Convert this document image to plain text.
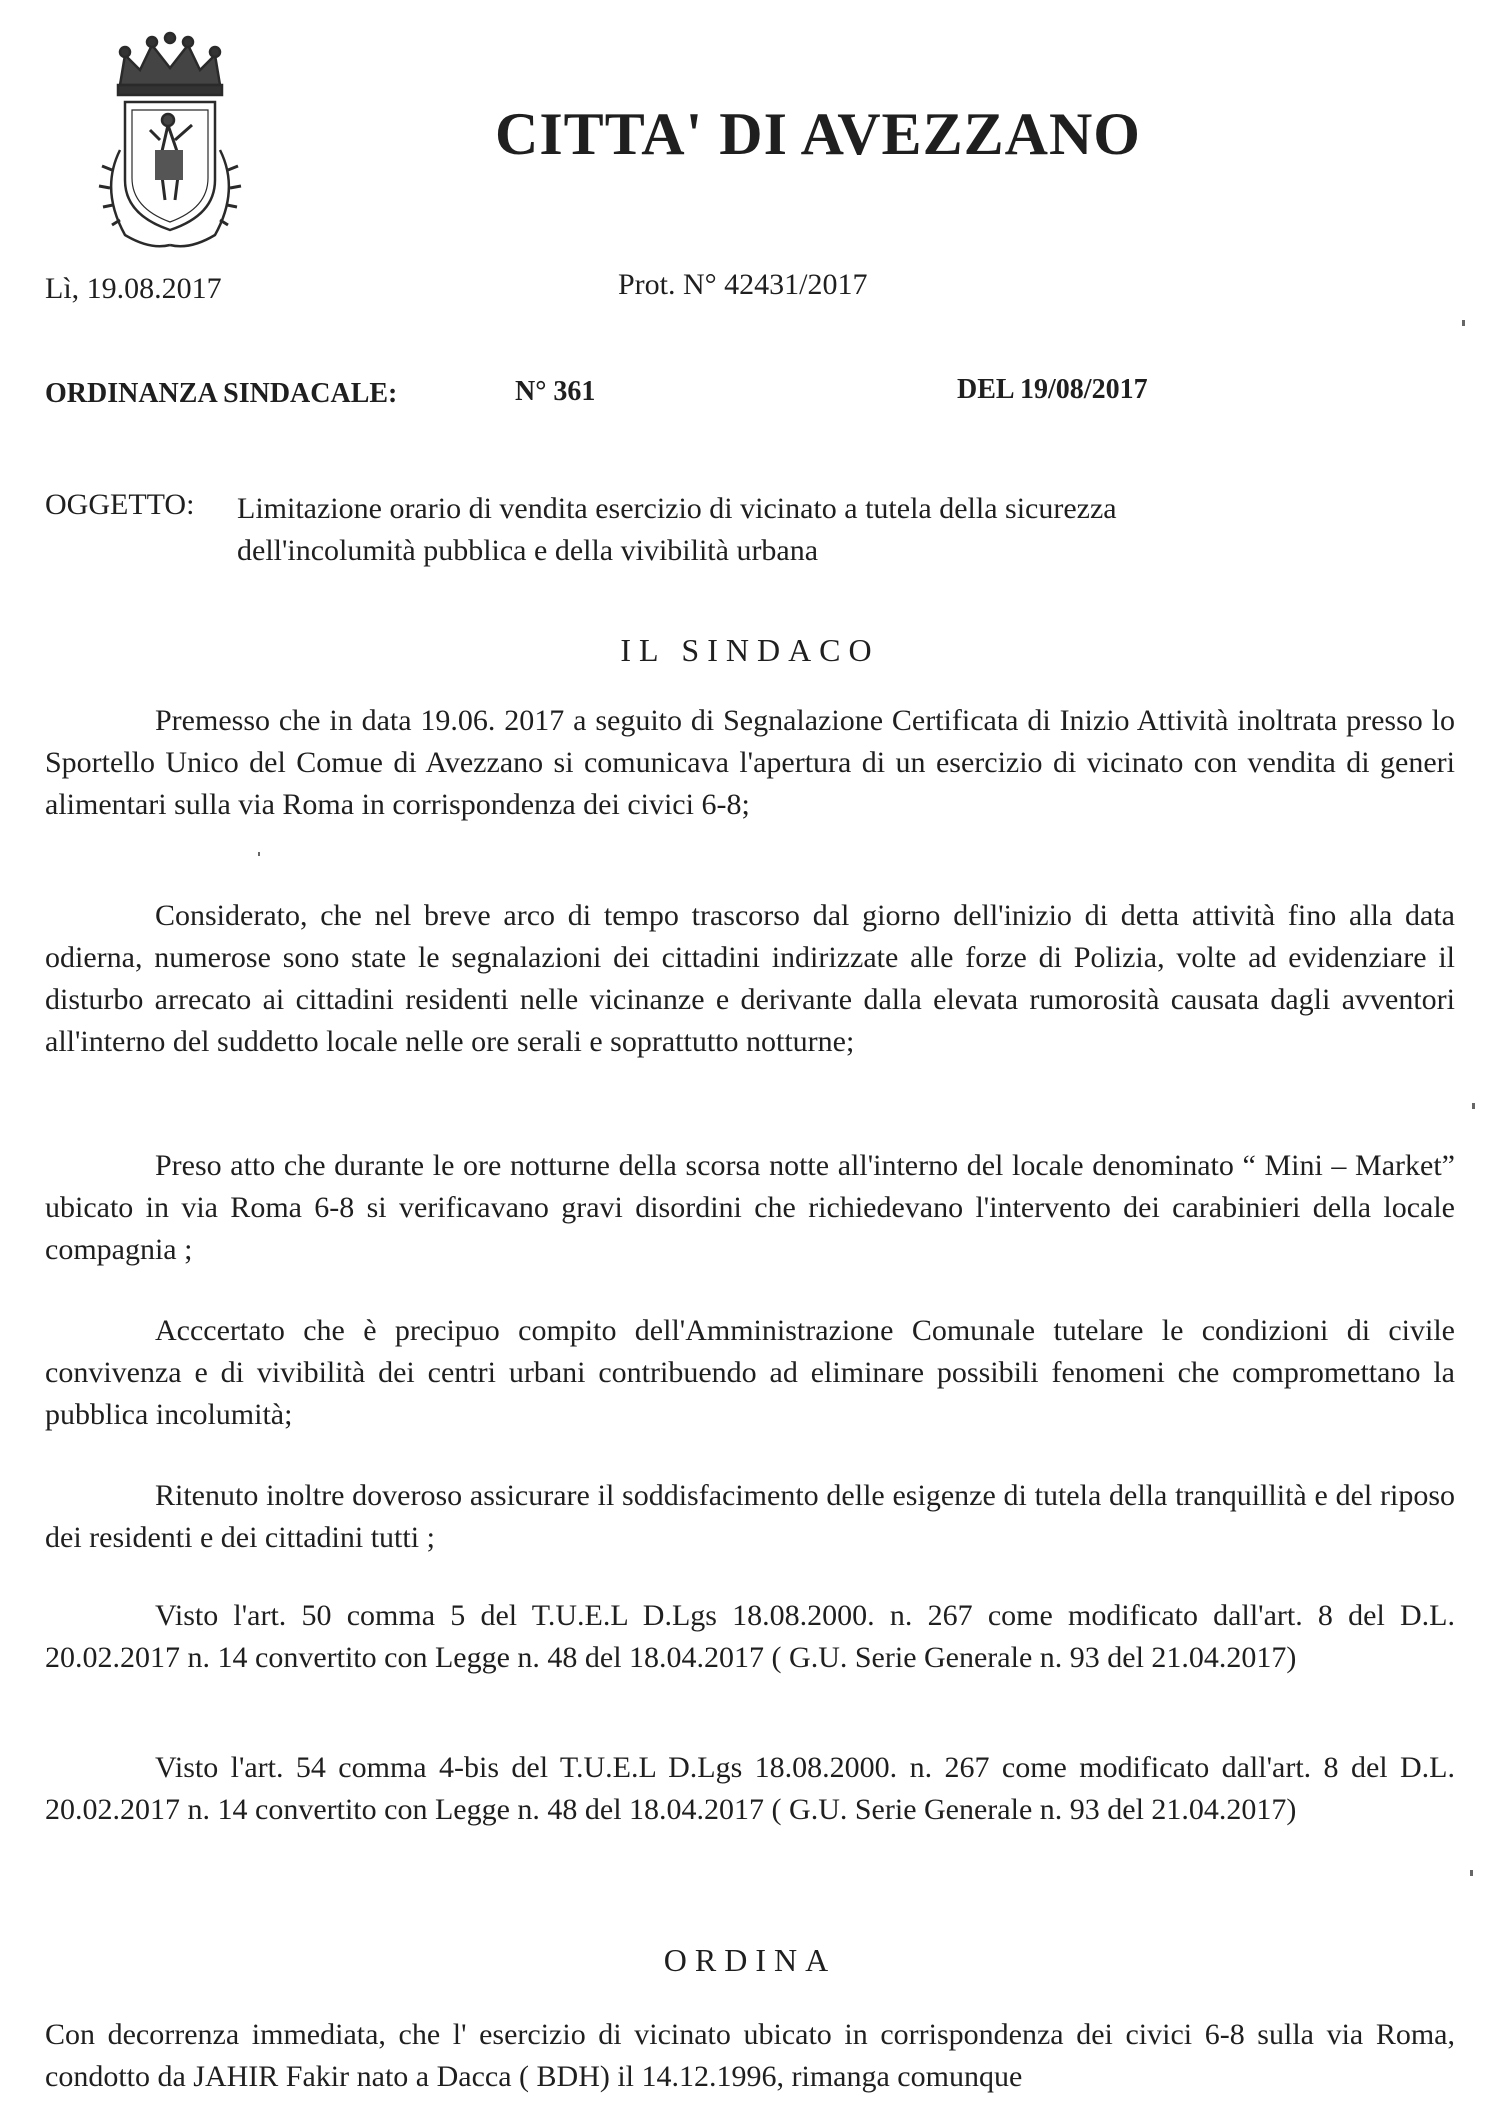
CITTA' DI AVEZZANO
Lì, 19.08.2017	Prot. N° 42431/2017
ORDINANZA SINDACALE:	N° 361	DEL 19/08/2017
OGGETTO: Limitazione orario di vendita esercizio di vicinato a tutela della sicurezza dell'incolumità pubblica e della vivibilità urbana
IL SINDACO

Premesso che in data 19.06. 2017 a seguito di Segnalazione Certificata di Inizio Attività inoltrata presso lo Sportello Unico del Comue di Avezzano si comunicava l'apertura di un esercizio di vicinato con vendita di generi alimentari sulla via Roma in corrispondenza dei civici 6-8;

Considerato, che nel breve arco di tempo trascorso dal giorno dell'inizio di detta attività fino alla data odierna, numerose sono state le segnalazioni dei cittadini indirizzate alle forze di Polizia, volte ad evidenziare il disturbo arrecato ai cittadini residenti nelle vicinanze e derivante dalla elevata rumorosità causata dagli avventori all'interno del suddetto locale nelle ore serali e soprattutto notturne;

Preso atto che durante le ore notturne della scorsa notte all'interno del locale denominato “ Mini – Market” ubicato in via Roma 6-8 si verificavano gravi disordini che richiedevano l'intervento dei carabinieri della locale compagnia ;

Acccertato che è precipuo compito dell'Amministrazione Comunale tutelare le condizioni di civile convivenza e di vivibilità dei centri urbani contribuendo ad eliminare possibili fenomeni che compromettano la pubblica incolumità;

Ritenuto inoltre doveroso assicurare il soddisfacimento delle esigenze di tutela della tranquillità e del riposo dei residenti e dei cittadini tutti ;

Visto l'art. 50 comma 5 del T.U.E.L D.Lgs 18.08.2000. n. 267 come modificato dall'art. 8 del D.L. 20.02.2017 n. 14 convertito con Legge n. 48 del 18.04.2017 ( G.U. Serie Generale n. 93 del 21.04.2017)

Visto l'art. 54 comma 4-bis del T.U.E.L D.Lgs 18.08.2000. n. 267 come modificato dall'art. 8 del D.L. 20.02.2017 n. 14 convertito con Legge n. 48 del 18.04.2017 ( G.U. Serie Generale n. 93 del 21.04.2017)

ORDINA

Con decorrenza immediata, che l' esercizio di vicinato ubicato in corrispondenza dei civici 6-8 sulla via Roma, condotto da JAHIR Fakir nato a Dacca ( BDH) il 14.12.1996, rimanga comunque
